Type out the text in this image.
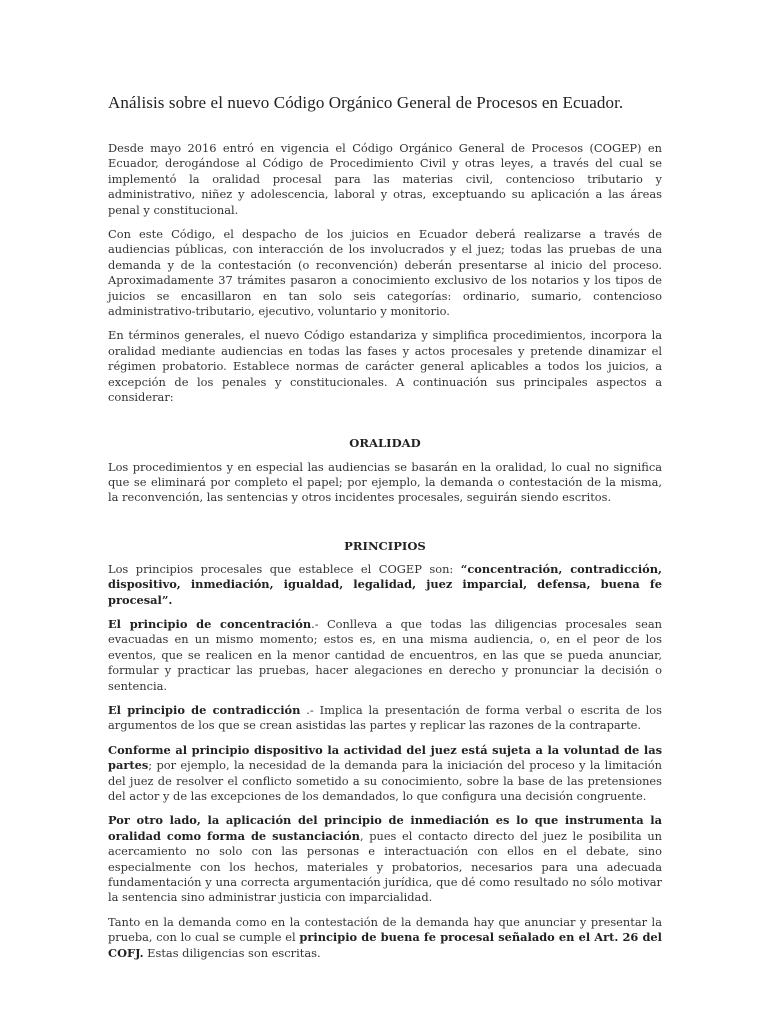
Análisis sobre el nuevo Código Orgánico General de Procesos en Ecuador.

Desde mayo 2016 entró en vigencia el Código Orgánico General de Procesos (COGEP) en Ecuador, derogándose al Código de Procedimiento Civil y otras leyes, a través del cual se implementó la oralidad procesal para las materias civil, contencioso tributario y administrativo, niñez y adolescencia, laboral y otras, exceptuando su aplicación a las áreas penal y constitucional.

Con este Código, el despacho de los juicios en Ecuador deberá realizarse a través de audiencias públicas, con interacción de los involucrados y el juez; todas las pruebas de una demanda y de la contestación (o reconvención) deberán presentarse al inicio del proceso. Aproximadamente 37 trámites pasaron a conocimiento exclusivo de los notarios y los tipos de juicios se encasillaron en tan solo seis categorías: ordinario, sumario, contencioso administrativo-tributario, ejecutivo, voluntario y monitorio.

En términos generales, el nuevo Código estandariza y simplifica procedimientos, incorpora la oralidad mediante audiencias en todas las fases y actos procesales y pretende dinamizar el régimen probatorio. Establece normas de carácter general aplicables a todos los juicios, a excepción de los penales y constitucionales. A continuación sus principales aspectos a considerar:

ORALIDAD

Los procedimientos y en especial las audiencias se basarán en la oralidad, lo cual no significa que se eliminará por completo el papel; por ejemplo, la demanda o contestación de la misma, la reconvención, las sentencias y otros incidentes procesales, seguirán siendo escritos.

PRINCIPIOS

Los principios procesales que establece el COGEP son: “concentración, contradicción, dispositivo, inmediación, igualdad, legalidad, juez imparcial, defensa, buena fe procesal”.

El principio de concentración.- Conlleva a que todas las diligencias procesales sean evacuadas en un mismo momento; estos es, en una misma audiencia, o, en el peor de los eventos, que se realicen en la menor cantidad de encuentros, en las que se pueda anunciar, formular y practicar las pruebas, hacer alegaciones en derecho y pronunciar la decisión o sentencia.

El principio de contradicción .- Implica la presentación de forma verbal o escrita de los argumentos de los que se crean asistidas las partes y replicar las razones de la contraparte.

Conforme al principio dispositivo la actividad del juez está sujeta a la voluntad de las partes; por ejemplo, la necesidad de la demanda para la iniciación del proceso y la limitación del juez de resolver el conflicto sometido a su conocimiento, sobre la base de las pretensiones del actor y de las excepciones de los demandados, lo que configura una decisión congruente.

Por otro lado, la aplicación del principio de inmediación es lo que instrumenta la oralidad como forma de sustanciación, pues el contacto directo del juez le posibilita un acercamiento no solo con las personas e interactuación con ellos en el debate, sino especialmente con los hechos, materiales y probatorios, necesarios para una adecuada fundamentación y una correcta argumentación jurídica, que dé como resultado no sólo motivar la sentencia sino administrar justicia con imparcialidad.

Tanto en la demanda como en la contestación de la demanda hay que anunciar y presentar la prueba, con lo cual se cumple el principio de buena fe procesal señalado en el Art. 26 del COFJ. Estas diligencias son escritas.
